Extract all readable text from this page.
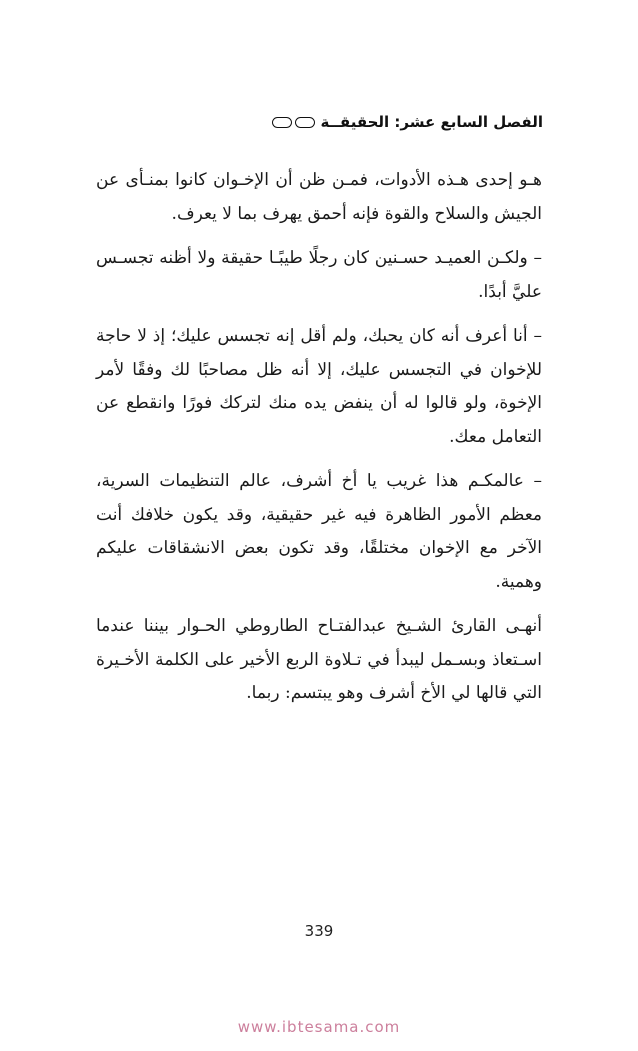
الفصل السابع عشر: الحقيقــة

هـو إحدى هـذه الأدوات، فمـن ظن أن الإخـوان كانوا بمنـأى عن الجيش والسلاح والقوة فإنه أحمق يهرف بما لا يعرف.

– ولكـن العميـد حسـنين كان رجلًا طيبًـا حقيقة ولا أظنه تجسـس عليَّ أبدًا.

– أنا أعرف أنه كان يحبك، ولم أقل إنه تجسس عليك؛ إذ لا حاجة للإخوان في التجسس عليك، إلا أنه ظل مصاحبًا لك وفقًا لأمر الإخوة، ولو قالوا له أن ينفض يده منك لتركك فورًا وانقطع عن التعامل معك.

– عالمكـم هذا غريب يا أخ أشرف، عالم التنظيمات السرية، معظم الأمور الظاهرة فيه غير حقيقية، وقد يكون خلافك أنت الآخر مع الإخوان مختلقًا، وقد تكون بعض الانشقاقات عليكم وهمية.

أنهـى القارئ الشـيخ عبدالفتـاح الطاروطي الحـوار بيننا عندما اسـتعاذ وبسـمل ليبدأ في تـلاوة الربع الأخير على الكلمة الأخـيرة التي قالها لي الأخ أشرف وهو يبتسم: ربما.

339
www.ibtesama.com
